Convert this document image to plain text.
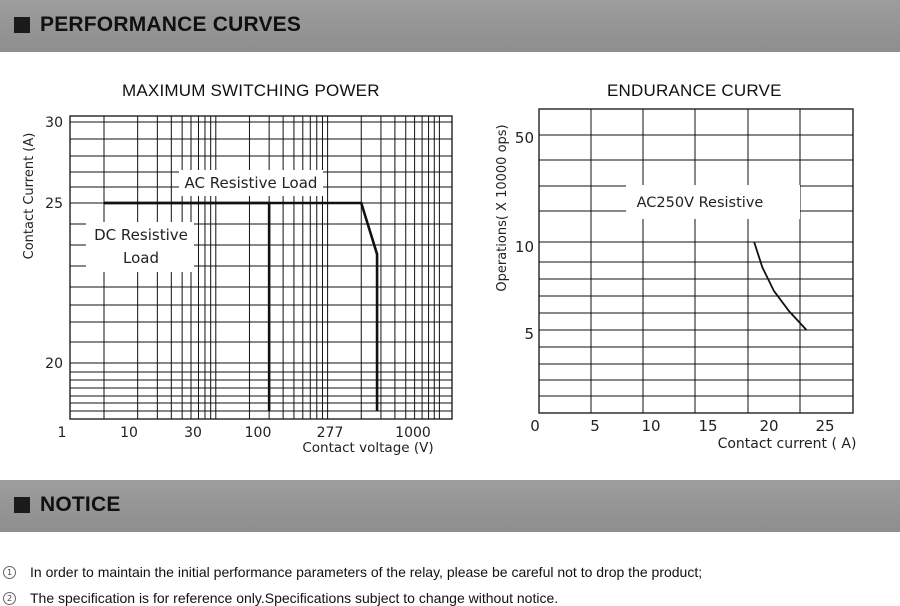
PERFORMANCE CURVES
MAXIMUM SWITCHING POWER	ENDURANCE CURVE
AC Resistive Load
DC Resistive
Load
1	10	30	100	277	1000
30
25
20
Contact voltage (V)
Contact Current (A)	AC250V Resistive
0	5	10	15	20 25
50
10
5
Contact current ( A)
Operations( X 10000 ops)
NOTICE
1 In order to maintain the initial performance parameters of the relay, please be careful not to drop the product;
2 The specification is for reference only.Specifications subject to change without notice.
